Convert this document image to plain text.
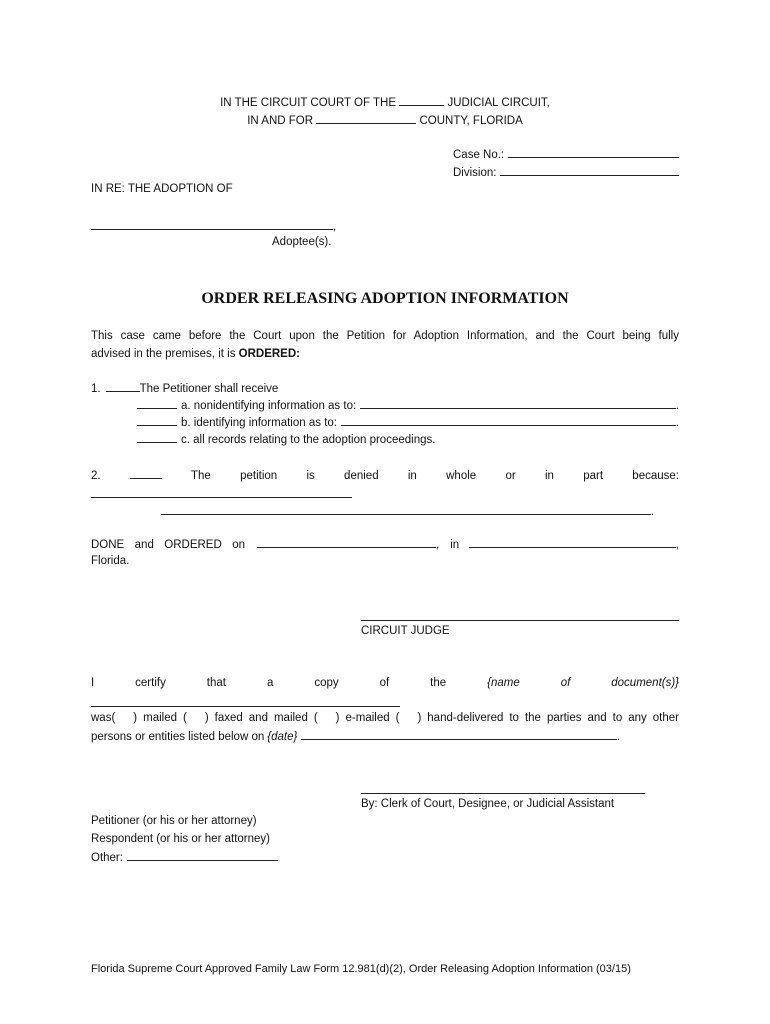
IN THE CIRCUIT COURT OF THE	JUDICIAL CIRCUIT,
IN AND FOR	COUNTY, FLORIDA
Case No.:
Division:
IN RE: THE ADOPTION OF
,
Adoptee(s).
ORDER RELEASING ADOPTION INFORMATION
This case came before the Court upon the Petition for Adoption Information, and the Court being fully
advised in the premises, it is ORDERED:
1.	The Petitioner shall receive
a. nonidentifying information as to:	.
b. identifying information as to:	.
c. all records relating to the adoption proceedings.
2.	The petition is denied in whole or in part because:
.
DONE and ORDERED on	, in	,
Florida.
CIRCUIT JUDGE
I certify that a copy of the	{name of document(s)}
was(   ) mailed (   ) faxed and mailed (   ) e-mailed (   ) hand-delivered to the parties and to any other
persons or entities listed below on {date}	.
By: Clerk of Court, Designee, or Judicial Assistant
Petitioner (or his or her attorney)
Respondent (or his or her attorney)
Other:
Florida Supreme Court Approved Family Law Form 12.981(d)(2), Order Releasing Adoption Information (03/15)
